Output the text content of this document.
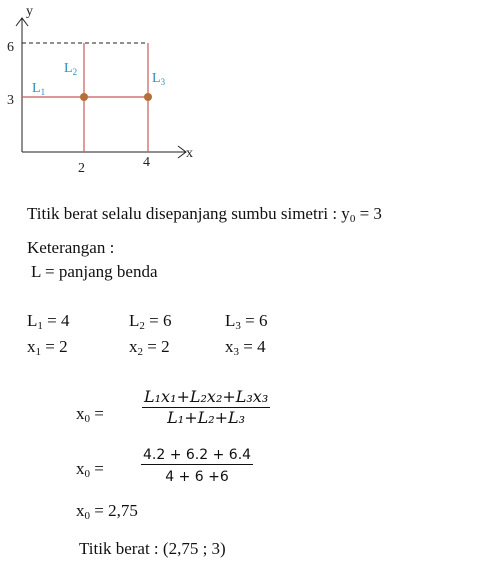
y
x
6
3
2	4
$L_1$
$L_2$	$L_3$
Titik berat selalu disepanjang sumbu simetri : $y_0 = 3$
Keterangan :
L = panjang benda
$L_1 = 4$	$L_2 = 6$	$L_3 = 6$
$x_1 = 2$	$x_2 = 2$	$x_3 = 4$
$x_0$ =
L₁x₁+L₂x₂+L₃x₃
L₁+L₂+L₃
$x_0$ =
4.2 + 6.2 + 6.4
4 + 6 +6
$x_0 = 2,75$
Titik berat : (2,75 ; 3)
